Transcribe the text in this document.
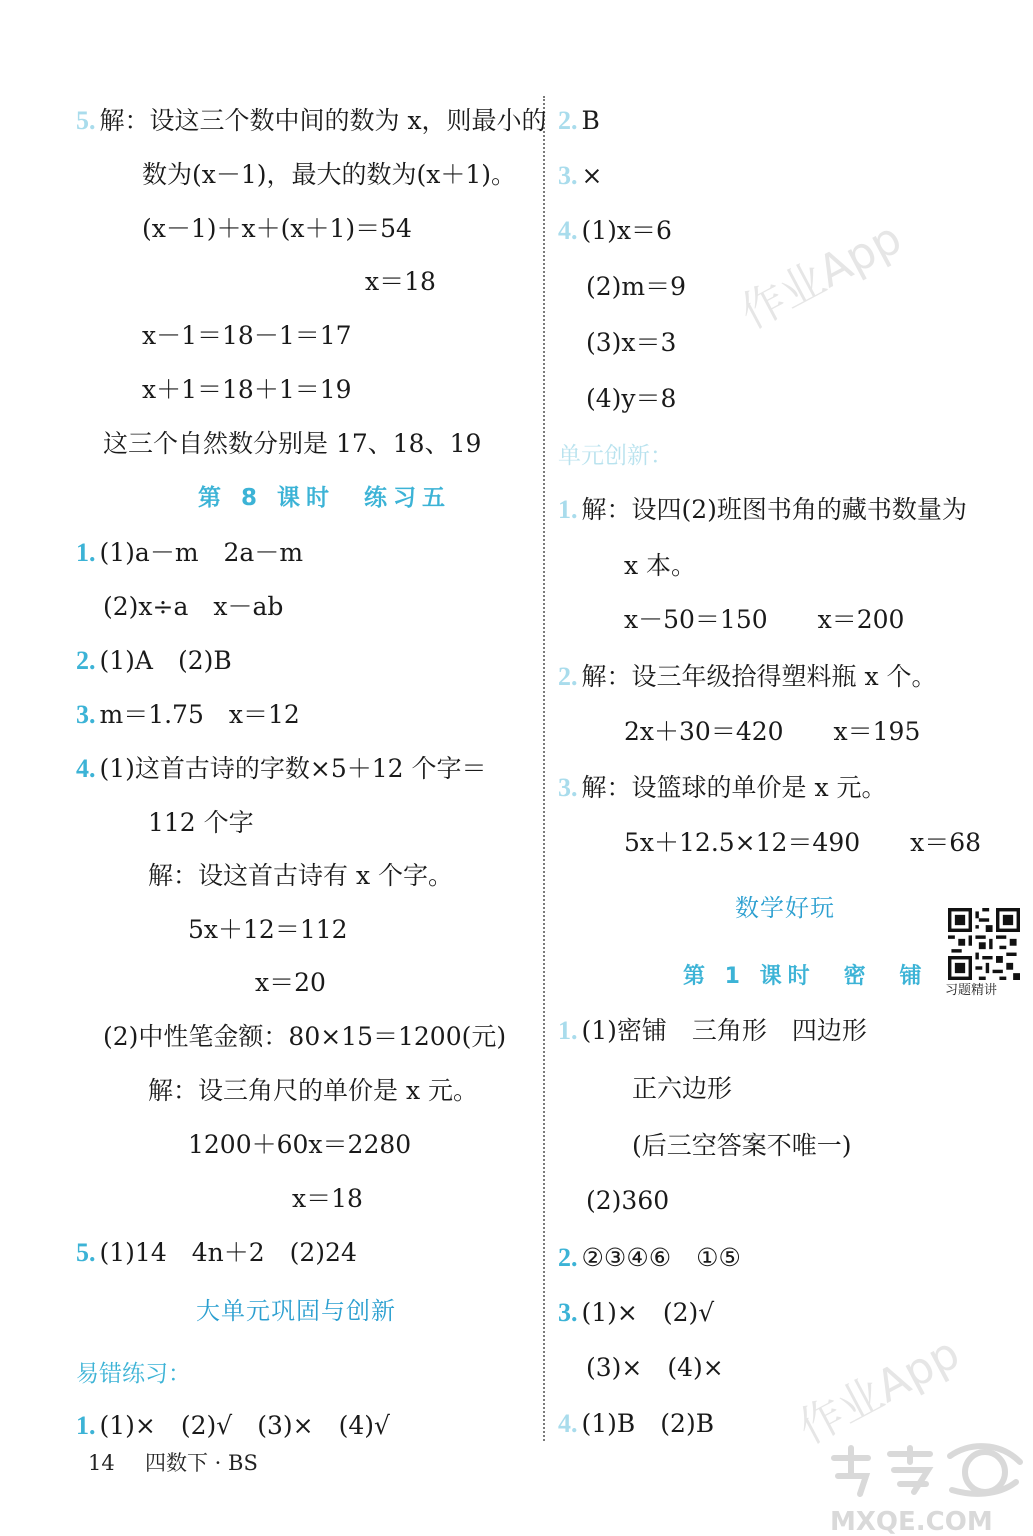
5. 解：设这三个数中间的数为 x，则最小的
数为(x－1)，最大的数为(x＋1)。
(x－1)＋x＋(x＋1)＝54
x＝18
x－1＝18－1＝17
x＋1＝18＋1＝19
这三个自然数分别是 17、18、19
第 8 课时　练习五
1. (1)a－m　2a－m
(2)x÷a　x－ab
2. (1)A　(2)B
3. m＝1.75　x＝12
4. (1)这首古诗的字数×5＋12 个字＝
112 个字
解：设这首古诗有 x 个字。
5x＋12＝112
x＝20
(2)中性笔金额：80×15＝1200(元)
解：设三角尺的单价是 x 元。
1200＋60x＝2280
x＝18
5. (1)14　4n＋2　(2)24
大单元巩固与创新
易错练习：
1. (1)×　(2)√　(3)×　(4)√
2. B
3. ×
4. (1)x＝6
(2)m＝9
(3)x＝3
(4)y＝8
单元创新：
1. 解：设四(2)班图书角的藏书数量为
x 本。
x－50＝150　　x＝200
2. 解：设三年级拾得塑料瓶 x 个。
2x＋30＝420　　x＝195
3. 解：设篮球的单价是 x 元。
5x＋12.5×12＝490　　x＝68
数学好玩
第 1 课时　密　铺
习题精讲
1. (1)密铺　三角形　四边形
正六边形
(后三空答案不唯一)
(2)360
2. ②③④⑥　①⑤
3. (1)×　(2)√
(3)×　(4)×
4. (1)B　(2)B
作业App
作业App
14 四数下 · BS
MXQE.COM
